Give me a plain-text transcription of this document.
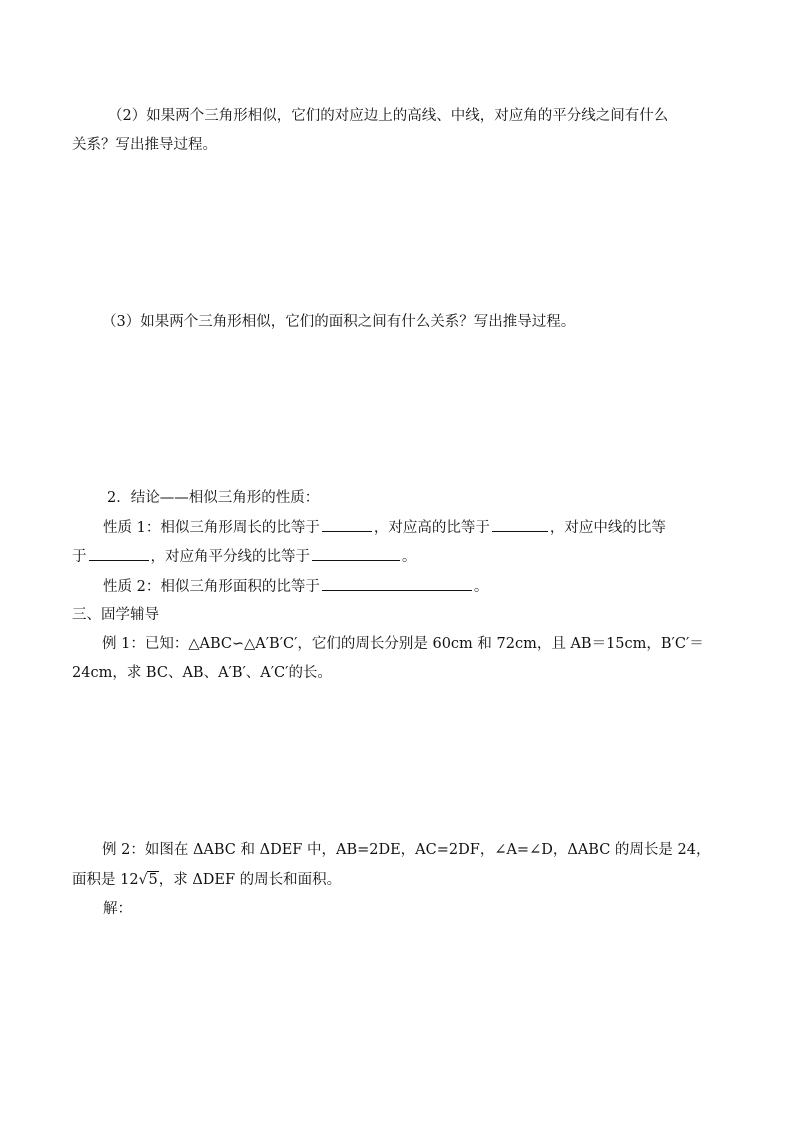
（2）如果两个三角形相似，它们的对应边上的高线、中线，对应角的平分线之间有什么
关系？写出推导过程。
（3）如果两个三角形相似，它们的面积之间有什么关系？写出推导过程。
2．结论——相似三角形的性质：
性质 1：相似三角形周长的比等于	，对应高的比等于	，对应中线的比等
于	，对应角平分线的比等于	。
性质 2：相似三角形面积的比等于	。
三、固学辅导
例 1：已知：△ABC∽△A′B′C′，它们的周长分别是 60cm 和 72cm，且 AB＝15cm，B′C′＝
24cm，求 BC、AB、A′B′、A′C′的长。
例 2：如图在 ΔABC 和 ΔDEF 中，AB=2DE，AC=2DF，∠A=∠D，ΔABC 的周长是 24，
面积是 12√5，求 ΔDEF 的周长和面积。
解：
